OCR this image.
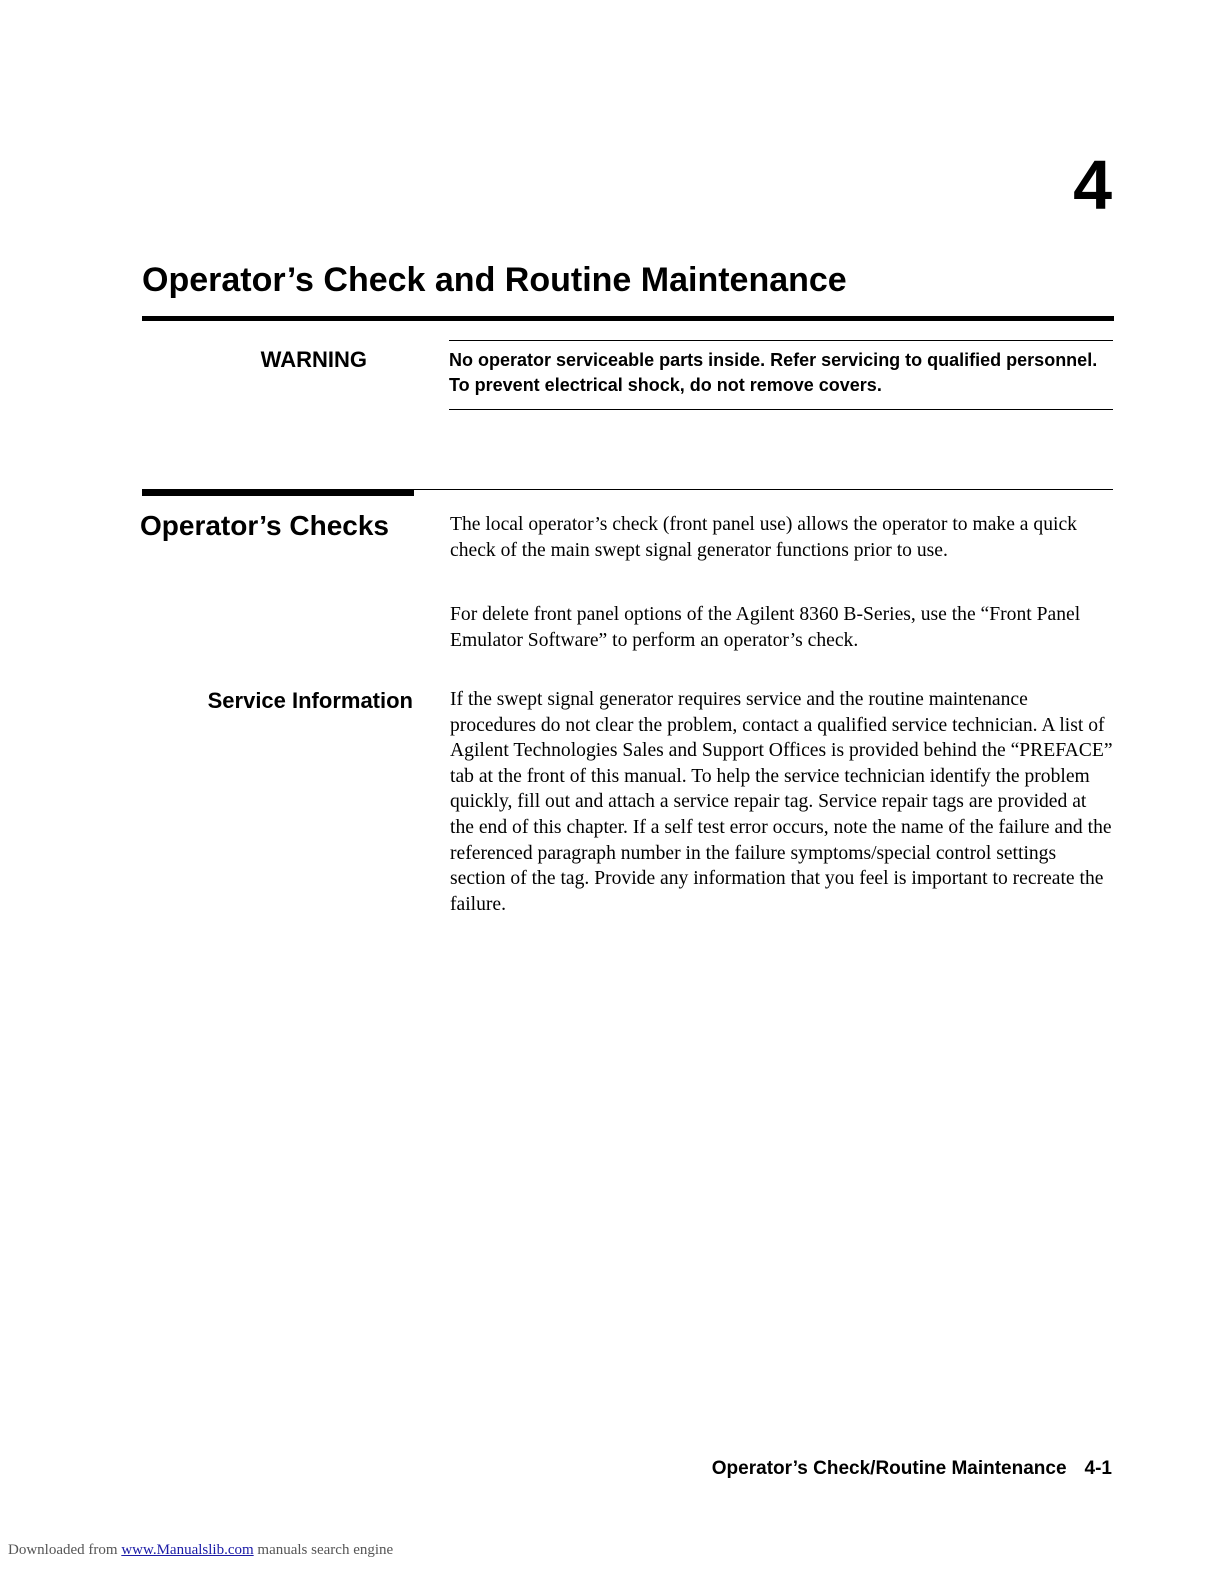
4
Operator’s Check and Routine Maintenance
WARNING	No operator serviceable parts inside. Refer servicing to qualified personnel. To prevent electrical shock, do not remove covers.
Operator’s Checks	The local operator’s check (front panel use) allows the operator to make a quick check of the main swept signal generator functions prior to use.
For delete front panel options of the Agilent 8360 B-Series, use the “Front Panel Emulator Software” to perform an operator’s check.
Service Information If the swept signal generator requires service and the routine maintenance procedures do not clear the problem, contact a qualified service technician. A list of Agilent Technologies Sales and Support Offices is provided behind the “PREFACE” tab at the front of this manual. To help the service technician identify the problem quickly, fill out and attach a service repair tag. Service repair tags are provided at the end of this chapter. If a self test error occurs, note the name of the failure and the referenced paragraph number in the failure symptoms/special control settings section of the tag. Provide any information that you feel is important to recreate the failure.
Operator’s Check/Routine Maintenance 4-1
Downloaded from www.Manualslib.com manuals search engine
